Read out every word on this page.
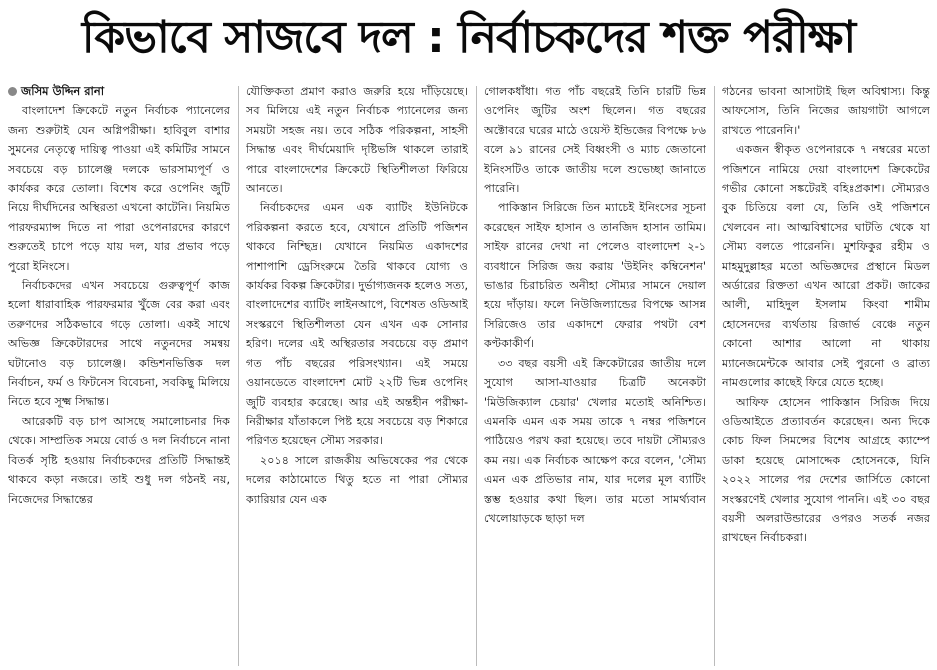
কিভাবে সাজবে দল : নির্বাচকদের শক্ত পরীক্ষা
জসিম উদ্দিন রানা

বাংলাদেশ ক্রিকেটে নতুন নির্বাচক প্যানেলের জন্য শুরুটাই যেন অগ্নিপরীক্ষা। হাবিবুল বাশার সুমনের নেতৃত্বে দায়িত্ব পাওয়া এই কমিটির সামনে সবচেয়ে বড় চ্যালেঞ্জ দলকে ভারসাম্যপূর্ণ ও কার্যকর করে তোলা। বিশেষ করে ওপেনিং জুটি নিয়ে দীর্ঘদিনের অস্থিরতা এখনো কাটেনি। নিয়মিত পারফরম্যান্স দিতে না পারা ওপেনারদের কারণে শুরুতেই চাপে পড়ে যায় দল, যার প্রভাব পড়ে পুরো ইনিংসে।

নির্বাচকদের এখন সবচেয়ে গুরুত্বপূর্ণ কাজ হলো ধারাবাহিক পারফরমার খুঁজে বের করা এবং তরুণদের সঠিকভাবে গড়ে তোলা। একই সাথে অভিজ্ঞ ক্রিকেটারদের সাথে নতুনদের সমন্বয় ঘটানোও বড় চ্যালেঞ্জ। কন্ডিশনভিত্তিক দল নির্বাচন, ফর্ম ও ফিটনেস বিবেচনা, সবকিছু মিলিয়ে নিতে হবে সূক্ষ্ম সিদ্ধান্ত।

আরেকটি বড় চাপ আসছে সমালোচনার দিক থেকে। সাম্প্রতিক সময়ে বোর্ড ও দল নির্বাচনে নানা বিতর্ক সৃষ্টি হওয়ায় নির্বাচকদের প্রতিটি সিদ্ধান্তই থাকবে কড়া নজরে। তাই শুধু দল গঠনই নয়, নিজেদের সিদ্ধান্তের

যৌক্তিকতা প্রমাণ করাও জরুরি হয়ে দাঁড়িয়েছে। সব মিলিয়ে এই নতুন নির্বাচক প্যানেলের জন্য সময়টা সহজ নয়। তবে সঠিক পরিকল্পনা, সাহসী সিদ্ধান্ত এবং দীর্ঘমেয়াদি দৃষ্টিভঙ্গি থাকলে তারাই পারে বাংলাদেশের ক্রিকেটে স্থিতিশীলতা ফিরিয়ে আনতে।

নির্বাচকদের এমন এক ব্যাটিং ইউনিটকে পরিকল্পনা করতে হবে, যেখানে প্রতিটি পজিশন থাকবে নিশ্ছিদ্র। যেখানে নিয়মিত একাদশের পাশাপাশি ড্রেসিংরুমে তৈরি থাকবে যোগ্য ও কার্যকর বিকল্প ক্রিকেটার। দুর্ভাগ্যজনক হলেও সত্য, বাংলাদেশের ব্যাটিং লাইনআপে, বিশেষত ওডিআই সংস্করণে স্থিতিশীলতা যেন এখন এক সোনার হরিণ। দলের এই অস্থিরতার সবচেয়ে বড় প্রমাণ গত পাঁচ বছরের পরিসংখ্যান। এই সময়ে ওয়ানডেতে বাংলাদেশ মোট ২২টি ভিন্ন ওপেনিং জুটি ব্যবহার করেছে। আর এই অন্তহীন পরীক্ষা-নিরীক্ষার যাঁতাকলে পিষ্ট হয়ে সবচেয়ে বড় শিকারে পরিণত হয়েছেন সৌম্য সরকার।

২০১৪ সালে রাজকীয় অভিষেকের পর থেকে দলের কাঠামোতে থিতু হতে না পারা সৌম্যর ক্যারিয়ার যেন এক

গোলকধাঁধা। গত পাঁচ বছরেই তিনি চারটি ভিন্ন ওপেনিং জুটির অংশ ছিলেন। গত বছরের অক্টোবরে ঘরের মাঠে ওয়েস্ট ইন্ডিজের বিপক্ষে ৮৬ বলে ৯১ রানের সেই বিধ্বংসী ও ম্যাচ জেতানো ইনিংসটিও তাকে জাতীয় দলে শুভেচ্ছা জানাতে পারেনি।

পাকিস্তান সিরিজে তিন ম্যাচেই ইনিংসের সূচনা করেছেন সাইফ হাসান ও তানজিদ হাসান তামিম। সাইফ রানের দেখা না পেলেও বাংলাদেশ ২-১ ব্যবধানে সিরিজ জয় করায় 'উইনিং কম্বিনেশন' ভাঙার চিরাচরিত অনীহা সৌম্যর সামনে দেয়াল হয়ে দাঁড়ায়। ফলে নিউজিল্যান্ডের বিপক্ষে আসন্ন সিরিজেও তার একাদশে ফেরার পথটা বেশ কণ্টকাকীর্ণ।

৩৩ বছর বয়সী এই ক্রিকেটারের জাতীয় দলে সুযোগ আসা-যাওয়ার চিত্রটি অনেকটা 'মিউজিক্যাল চেয়ার' খেলার মতোই অনিশ্চিত। এমনকি এমন এক সময় তাকে ৭ নম্বর পজিশনে পাঠিয়েও পরখ করা হয়েছে। তবে দায়টা সৌম্যরও কম নয়। এক নির্বাচক আক্ষেপ করে বলেন, 'সৌম্য এমন এক প্রতিভার নাম, যার দলের মূল ব্যাটিং স্তম্ভ হওয়ার কথা ছিল। তার মতো সামর্থ্যবান খেলোয়াড়কে ছাড়া দল

গঠনের ভাবনা আসাটাই ছিল অবিশ্বাস্য। কিন্তু আফসোস, তিনি নিজের জায়গাটা আগলে রাখতে পারেননি।'

একজন স্বীকৃত ওপেনারকে ৭ নম্বরের মতো পজিশনে নামিয়ে দেয়া বাংলাদেশ ক্রিকেটের গভীর কোনো সঙ্কটেরই বহিঃপ্রকাশ। সৌম্যরও বুক চিতিয়ে বলা যে, তিনি ওই পজিশনে খেলবেন না। আত্মবিশ্বাসের ঘাটতি থেকে যা সৌম্য বলতে পারেননি। মুশফিকুর রহীম ও মাহমুদুল্লাহর মতো অভিজ্ঞদের প্রস্থানে মিডল অর্ডারের রিক্ততা এখন আরো প্রকট। জাকের আলী, মাহিদুল ইসলাম কিংবা শামীম হোসেনদের ব্যর্থতায় রিজার্ভ বেঞ্চে নতুন কোনো আশার আলো না থাকায় ম্যানেজমেন্টকে আবার সেই পুরনো ও ব্রাত্য নামগুলোর কাছেই ফিরে যেতে হচ্ছে।

আফিফ হোসেন পাকিস্তান সিরিজ দিয়ে ওডিআইতে প্রত্যাবর্তন করেছেন। অন্য দিকে কোচ ফিল সিমন্সের বিশেষ আগ্রহে ক্যাম্পে ডাকা হয়েছে মোসাদ্দেক হোসেনকে, যিনি ২০২২ সালের পর দেশের জার্সিতে কোনো সংস্করণেই খেলার সুযোগ পাননি। এই ৩০ বছর বয়সী অলরাউন্ডারের ওপরও সতর্ক নজর রাখছেন নির্বাচকরা।
